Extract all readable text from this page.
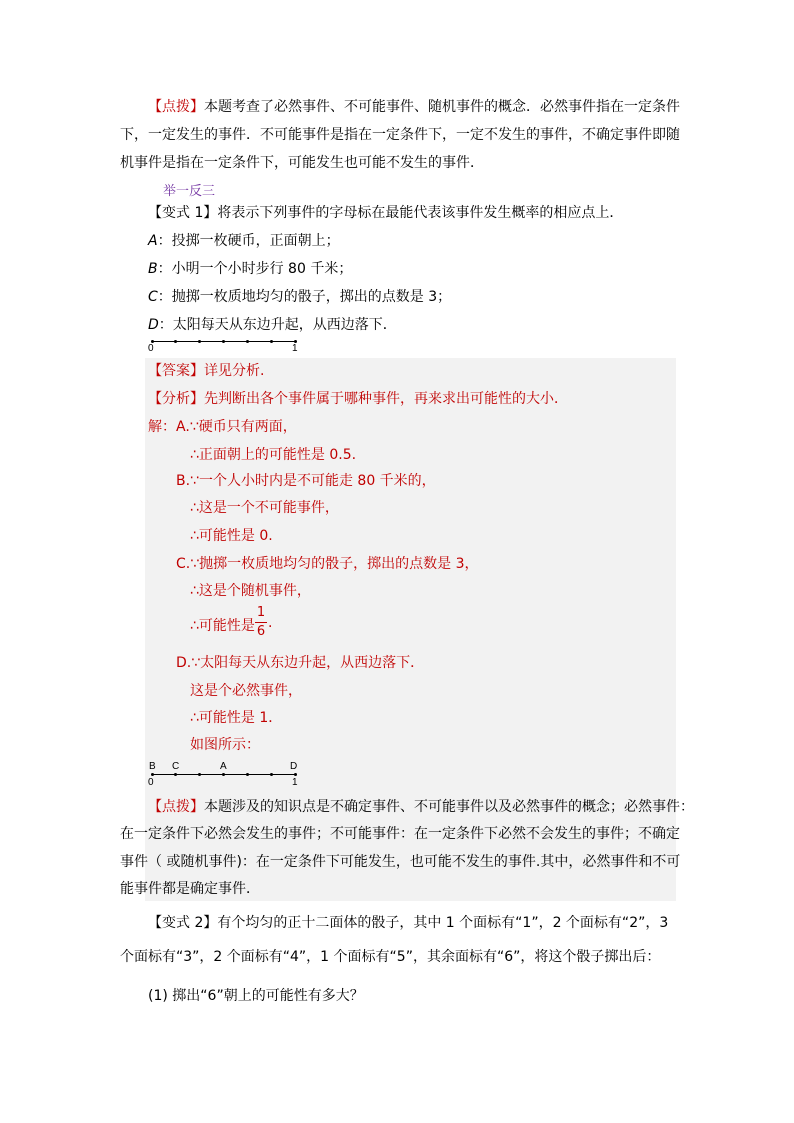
【点拨】本题考查了必然事件、不可能事件、随机事件的概念．必然事件指在一定条件
下，一定发生的事件．不可能事件是指在一定条件下，一定不发生的事件，不确定事件即随
机事件是指在一定条件下，可能发生也可能不发生的事件．
举一反三
【变式 1】将表示下列事件的字母标在最能代表该事件发生概率的相应点上．
A：投掷一枚硬币，正面朝上；
B：小明一个小时步行 80 千米；
C：抛掷一枚质地均匀的骰子，掷出的点数是 3；
D：太阳每天从东边升起，从西边落下．
0	1
【答案】详见分析.
【分析】先判断出各个事件属于哪种事件，再来求出可能性的大小．
解：A.∵硬币只有两面，
∴正面朝上的可能性是 0.5.
B.∵一个人小时内是不可能走 80 千米的，
∴这是一个不可能事件，
∴可能性是 0.
C.∵抛掷一枚质地均匀的骰子，掷出的点数是 3，
∴这是个随机事件，
∴可能性是
1
6
.
D.∵太阳每天从东边升起，从西边落下．
这是个必然事件，
∴可能性是 1．
如图所示：
B C	A	D
0	1
【点拨】本题涉及的知识点是不确定事件、不可能事件以及必然事件的概念；必然事件：
在一定条件下必然会发生的事件；不可能事件：在一定条件下必然不会发生的事件；不确定
事件（ 或随机事件)：在一定条件下可能发生，也可能不发生的事件.其中，必然事件和不可
能事件都是确定事件．
【变式 2】有个均匀的正十二面体的骰子，其中 1 个面标有“1”，2 个面标有“2”，3
个面标有“3”，2 个面标有“4”，1 个面标有“5”，其余面标有“6”，将这个骰子掷出后：
(1) 掷出“6”朝上的可能性有多大？
